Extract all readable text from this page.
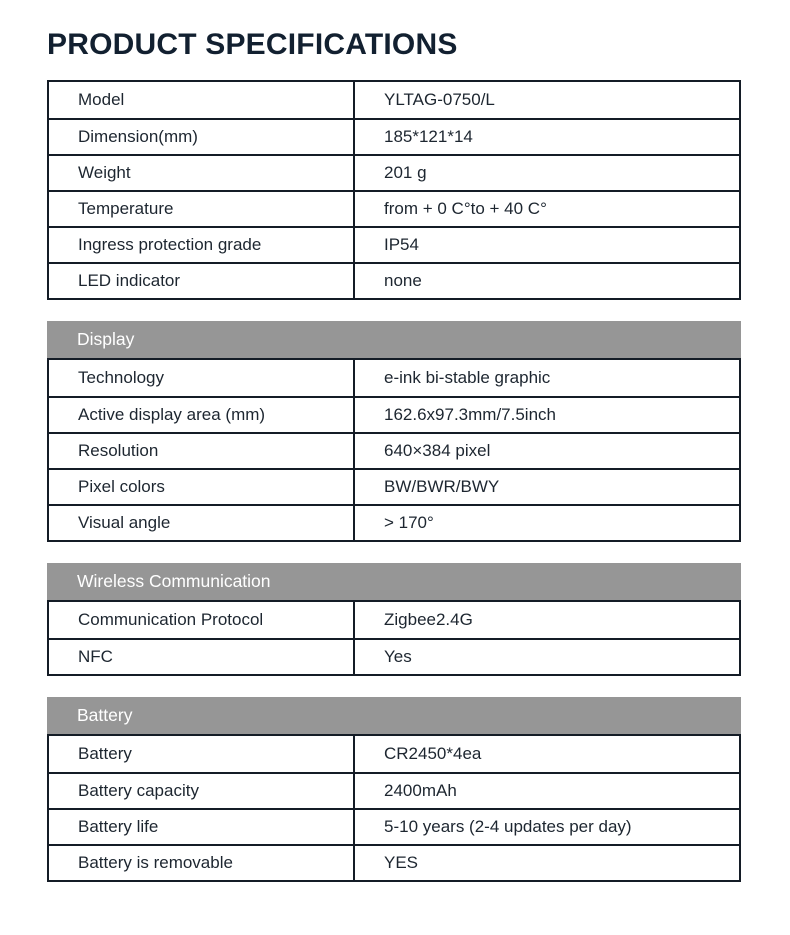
PRODUCT SPECIFICATIONS
Model	YLTAG-0750/L
Dimension(mm)	185*121*14
Weight	201 g
Temperature	from + 0 C°to + 40 C°
Ingress protection grade	IP54
LED indicator	none
Display
Technology	e-ink bi-stable graphic
Active display area (mm)	162.6x97.3mm/7.5inch
Resolution	640×384 pixel
Pixel colors	BW/BWR/BWY
Visual angle	> 170°
Wireless Communication
Communication Protocol	Zigbee2.4G
NFC	Yes
Battery
Battery	CR2450*4ea
Battery capacity	2400mAh
Battery life	5-10 years (2-4 updates per day)
Battery is removable	YES
